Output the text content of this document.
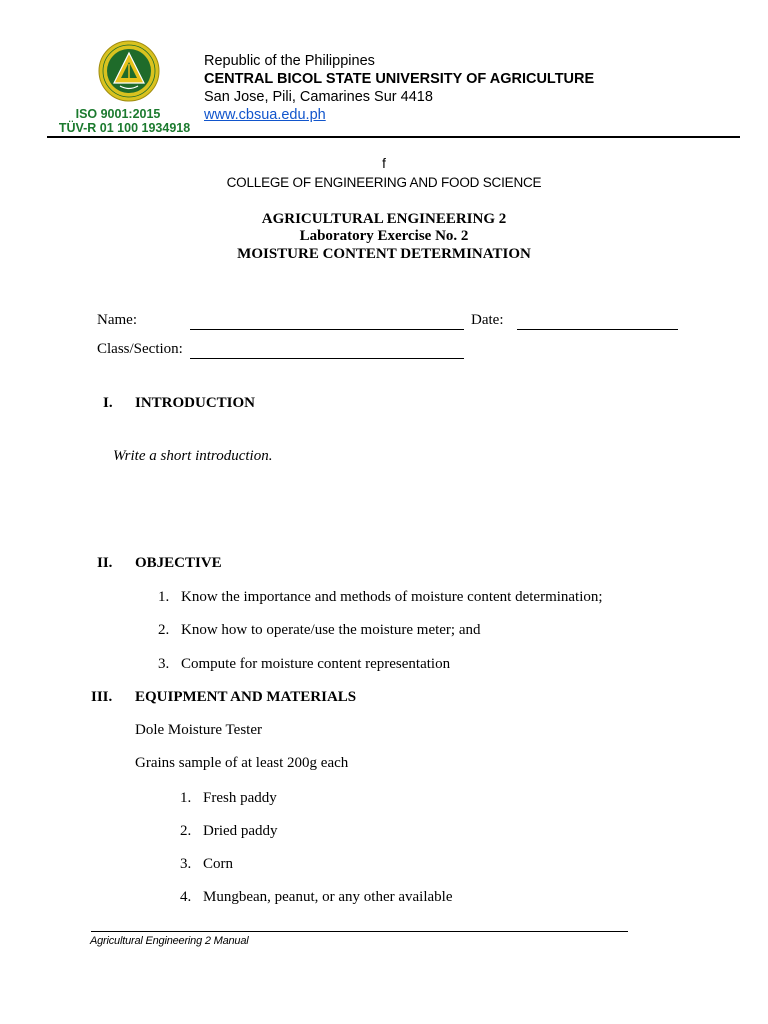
ISO 9001:2015
TÜV-R 01 100 1934918
Republic of the Philippines
CENTRAL BICOL STATE UNIVERSITY OF AGRICULTURE
San Jose, Pili, Camarines Sur 4418
www.cbsua.edu.ph
f
COLLEGE OF ENGINEERING AND FOOD SCIENCE
AGRICULTURAL ENGINEERING 2
Laboratory Exercise No. 2
MOISTURE CONTENT DETERMINATION
Name:	Date:
Class/Section:
I. INTRODUCTION
Write a short introduction.
II. OBJECTIVE
1. Know the importance and methods of moisture content determination;
2. Know how to operate/use the moisture meter; and
3. Compute for moisture content representation
III. EQUIPMENT AND MATERIALS
Dole Moisture Tester
Grains sample of at least 200g each
1. Fresh paddy
2. Dried paddy
3. Corn
4. Mungbean, peanut, or any other available
Agricultural Engineering 2 Manual
